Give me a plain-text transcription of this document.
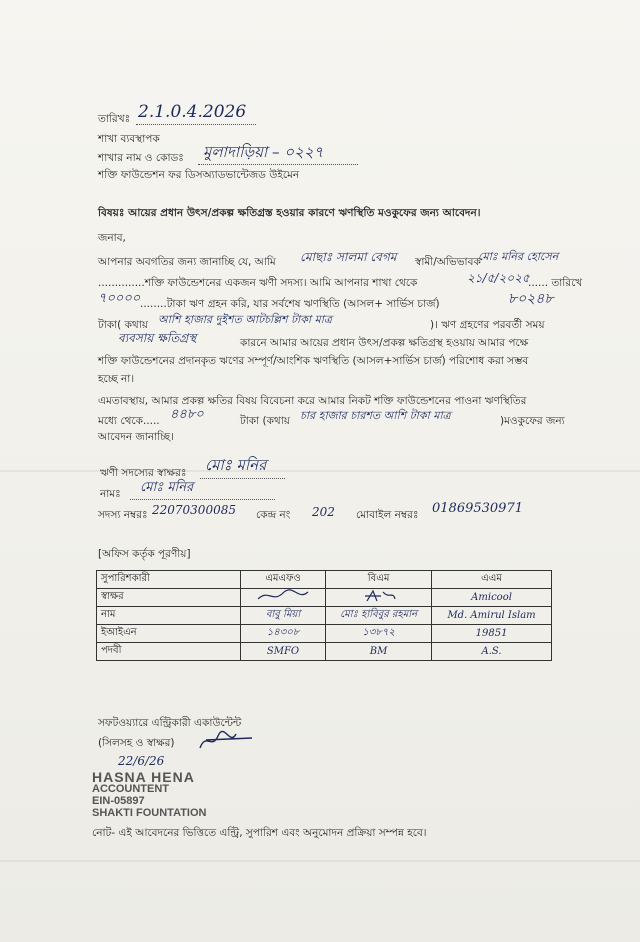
তারিখঃ 2.1.0.4.2026
শাখা ব্যবস্থাপক
শাখার নাম ও কোডঃ মুলাদাড়িয়া – ০২২৭
শক্তি ফাউন্ডেশন ফর ডিসঅ্যাডভান্টেজড উইমেন
বিষয়ঃ আয়ের প্রধান উৎস/প্রকল্প ক্ষতিগ্রস্ত হওয়ার কারণে ঋণস্থিতি মওকুফের জন্য আবেদন।
জনাব,
আপনার অবগতির জন্য জানাচ্ছি যে, আমি মোছাঃ সালমা বেগম স্বামী/অভিভাবক
মোঃ মনির হোসেন
..............শক্তি ফাউন্ডেশনের একজন ঋণী সদস্য। আমি আপনার শাখা থেকে	২১/৫/২০২৫
...... তারিখে
৭০০০০ ........টাকা ঋণ গ্রহন করি, যার সর্বশেষ ঋণস্থিতি (আসল+ সার্ভিস চার্জ)	৮০২৪৮
টাকা( কথায় আশি হাজার দুইশত আটচল্লিশ টাকা মাত্র	)। ঋণ গ্রহণের পরবর্তী সময়
ব্যবসায় ক্ষতিগ্রস্থ	কারনে আমার আয়ের প্রধান উৎস/প্রকল্প ক্ষতিগ্রস্থ হওয়ায় আমার পক্ষে
শক্তি ফাউন্ডেশনের প্রদানকৃত ঋণের সম্পূর্ণ/আংশিক ঋণস্থিতি (আসল+সার্ভিস চার্জ) পরিশোধ করা সম্ভব
হচ্ছে না।
এমতাবস্থায়, আমার প্রকল্প ক্ষতির বিষয় বিবেচনা করে আমার নিকট শক্তি ফাউন্ডেশনের পাওনা ঋণস্থিতির
মধ্যে থেকে..... ৪৪৮০	টাকা (কথায় চার হাজার চারশত আশি টাকা মাত্র	)মওকুফের জন্য
আবেদন জানাচ্ছি।
ঋণী সদস্যের স্বাক্ষরঃ মোঃ মনির
নামঃ মোঃ মনির
সদস্য নম্বরঃ 22070300085 কেন্দ্র নং 202 মোবাইল নম্বরঃ 01869530971
[অফিস কর্তৃক পূরণীয়]
সুপারিশকারী	এমএফও	বিএম	এএম
স্বাক্ষর			Amicool
নাম	বাবু মিয়া	মোঃ হাবিবুর রহমান	Md. Amirul Islam
ইআইএন	১৪৩০৮	১৩৮৭২	19851
পদবী	SMFO	BM	A.S.
সফটওয়্যারে এন্ট্রিকারী একাউন্টেন্ট
(সিলসহ ও স্বাক্ষর)
22/6/26
HASNA HENA
ACCOUNTENT
EIN-05897
SHAKTI FOUNTATION
নোট- এই আবেদনের ভিত্তিতে এন্ট্রি, সুপারিশ এবং অনুমোদন প্রক্রিয়া সম্পন্ন হবে।
